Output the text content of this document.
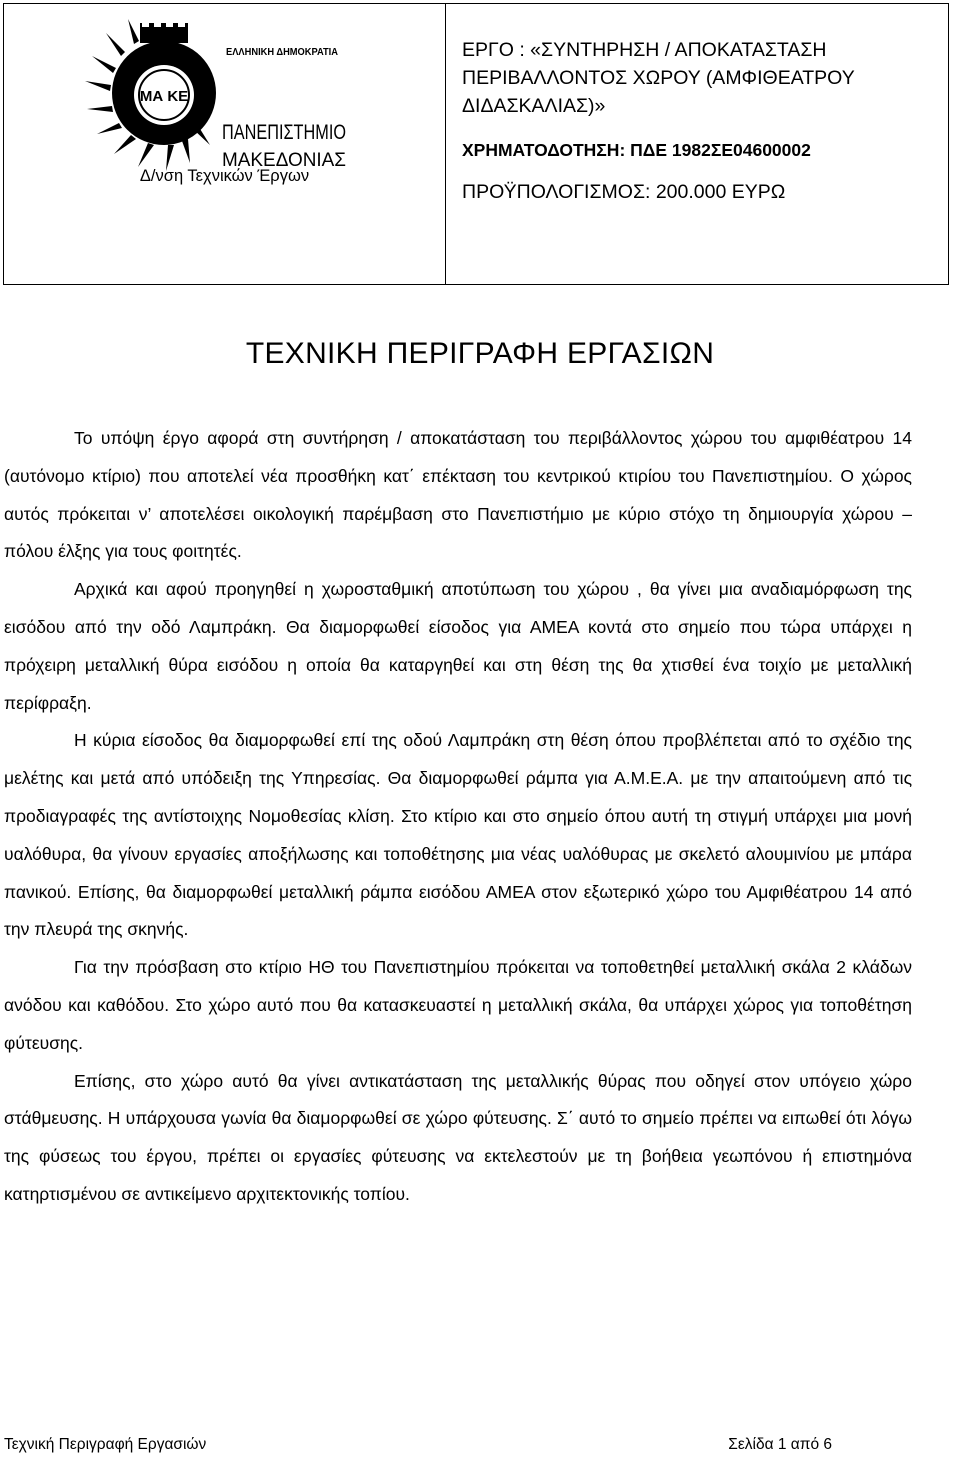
ΜΑ ΚΕ
ΕΛΛΗΝΙΚΗ ΔΗΜΟΚΡΑΤΙΑ
ΠΑΝΕΠΙΣΤΗΜΙΟ
ΜΑΚΕΔΟΝΙΑΣ
Δ/νση Τεχνικών Έργων
ΕΡΓΟ : «ΣΥΝΤΗΡΗΣΗ / ΑΠΟΚΑΤΑΣΤΑΣΗ ΠΕΡΙΒΑΛΛΟΝΤΟΣ ΧΩΡΟΥ (ΑΜΦΙΘΕΑΤΡΟΥ ΔΙΔΑΣΚΑΛΙΑΣ)»
ΧΡΗΜΑΤΟΔΟΤΗΣΗ: ΠΔΕ 1982ΣΕ04600002
ΠΡΟΫΠΟΛΟΓΙΣΜΟΣ: 200.000 ΕΥΡΩ
ΤΕΧΝΙΚΗ ΠΕΡΙΓΡΑΦΗ ΕΡΓΑΣΙΩΝ

Το υπόψη έργο αφορά στη συντήρηση / αποκατάσταση του περιβάλλοντος χώρου του αμφιθέατρου 14 (αυτόνομο κτίριο) που αποτελεί νέα προσθήκη κατ΄ επέκταση του κεντρικού κτιρίου του Πανεπιστημίου. Ο χώρος αυτός πρόκειται ν’ αποτελέσει οικολογική παρέμβαση στο Πανεπιστήμιο με κύριο στόχο τη δημιουργία χώρου – πόλου έλξης για τους φοιτητές.

Αρχικά και αφού προηγηθεί η χωροσταθμική αποτύπωση του χώρου , θα γίνει μια αναδιαμόρφωση της εισόδου από την οδό Λαμπράκη. Θα διαμορφωθεί είσοδος για ΑΜΕΑ κοντά στο σημείο που τώρα υπάρχει η πρόχειρη μεταλλική θύρα εισόδου η οποία θα καταργηθεί και στη θέση της θα χτισθεί ένα τοιχίο με μεταλλική περίφραξη.

Η κύρια είσοδος θα διαμορφωθεί επί της οδού Λαμπράκη στη θέση όπου προβλέπεται από το σχέδιο της μελέτης και μετά από υπόδειξη της Υπηρεσίας. Θα διαμορφωθεί ράμπα για Α.Μ.Ε.Α. με την απαιτούμενη από τις προδιαγραφές της αντίστοιχης Νομοθεσίας κλίση. Στο κτίριο και στο σημείο όπου αυτή τη στιγμή υπάρχει μια μονή υαλόθυρα, θα γίνουν εργασίες αποξήλωσης και τοποθέτησης μια νέας υαλόθυρας με σκελετό αλουμινίου με μπάρα πανικού. Επίσης, θα διαμορφωθεί μεταλλική ράμπα εισόδου ΑΜΕΑ στον εξωτερικό χώρο του Αμφιθέατρου 14 από την πλευρά της σκηνής.

Για την πρόσβαση στο κτίριο ΗΘ του Πανεπιστημίου πρόκειται να τοποθετηθεί μεταλλική σκάλα 2 κλάδων ανόδου και καθόδου. Στο χώρο αυτό που θα κατασκευαστεί η μεταλλική σκάλα, θα υπάρχει χώρος για τοποθέτηση φύτευσης.

Επίσης, στο χώρο αυτό θα γίνει αντικατάσταση της μεταλλικής θύρας που οδηγεί στον υπόγειο χώρο στάθμευσης. Η υπάρχουσα γωνία θα διαμορφωθεί σε χώρο φύτευσης. Σ΄ αυτό το σημείο πρέπει να ειπωθεί ότι λόγω της φύσεως του έργου, πρέπει οι εργασίες φύτευσης να εκτελεστούν με τη βοήθεια γεωπόνου ή επιστημόνα κατηρτισμένου σε αντικείμενο αρχιτεκτονικής τοπίου.

Τεχνική Περιγραφή Εργασιών	Σελίδα 1 από 6
